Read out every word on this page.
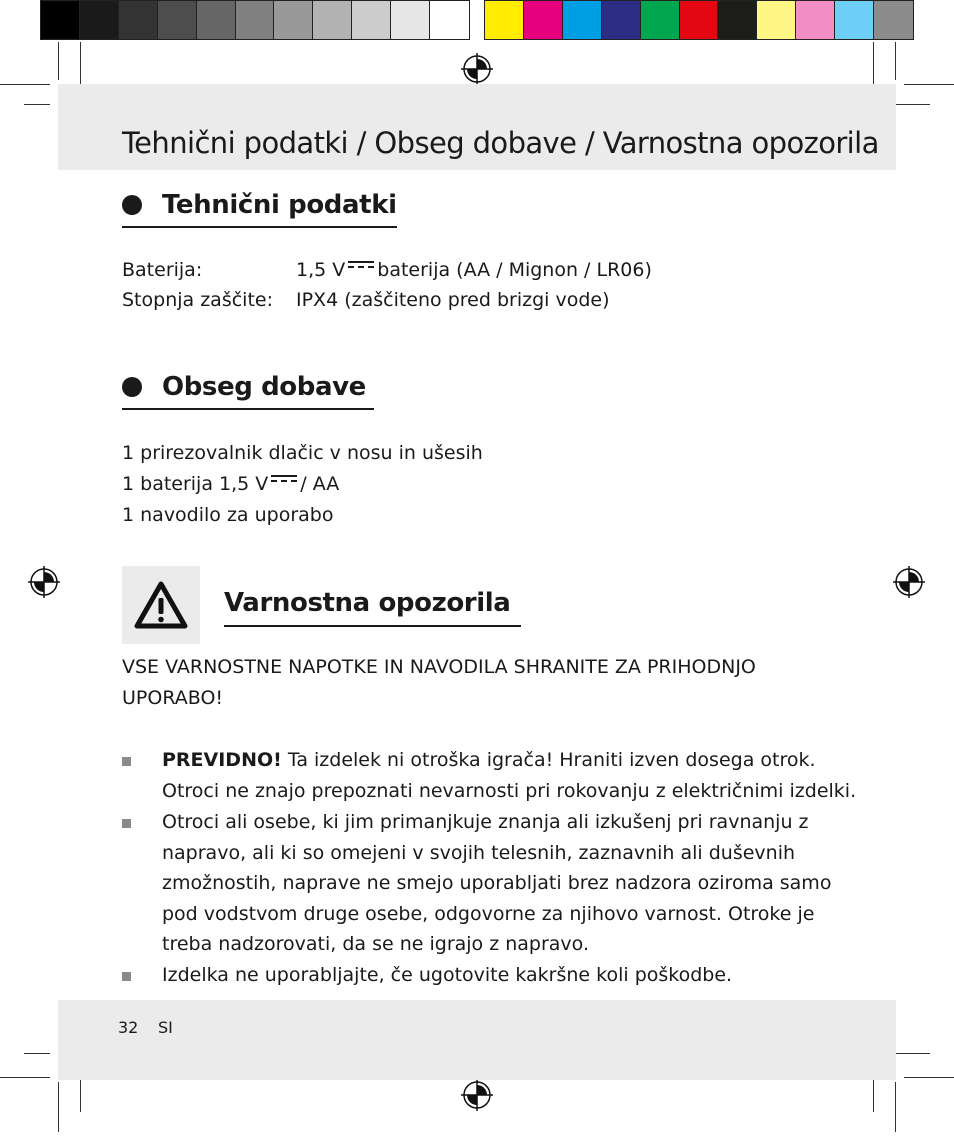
Tehnični podatki / Obseg dobave / Varnostna opozorila
Tehnični podatki
Baterija:	1,5 V baterija (AA / Mignon / LR06)
Stopnja zaščite: IPX4 (zaščiteno pred brizgi vode)
Obseg dobave
1 prirezovalnik dlačic v nosu in ušesih
1 baterija 1,5 V / AA
1 navodilo za uporabo
Varnostna opozorila
VSE VARNOSTNE NAPOTKE IN NAVODILA SHRANITE ZA PRIHODNJO
UPORABO!
PREVIDNO! Ta izdelek ni otroška igrača! Hraniti izven dosega otrok.
Otroci ne znajo prepoznati nevarnosti pri rokovanju z električnimi izdelki.
Otroci ali osebe, ki jim primanjkuje znanja ali izkušenj pri ravnanju z
napravo, ali ki so omejeni v svojih telesnih, zaznavnih ali duševnih
zmožnostih, naprave ne smejo uporabljati brez nadzora oziroma samo
pod vodstvom druge osebe, odgovorne za njihovo varnost. Otroke je
treba nadzorovati, da se ne igrajo z napravo.
Izdelka ne uporabljajte, če ugotovite kakršne koli poškodbe.
32 SI
